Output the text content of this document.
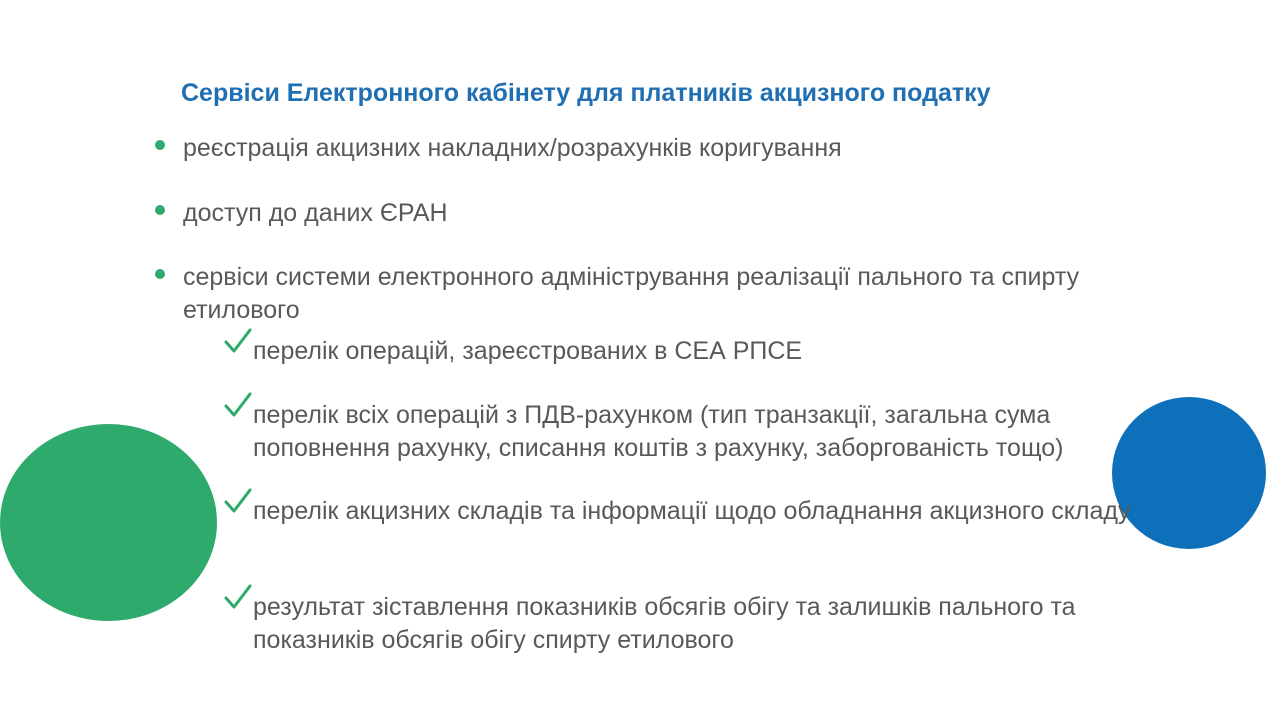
Сервіси Електронного кабінету для платників акцизного податку
реєстрація акцизних накладних/розрахунків коригування
доступ до даних ЄРАН
сервіси системи електронного адміністрування реалізації пального та спирту етилового
перелік операцій, зареєстрованих в СЕА РПСЕ
перелік всіх операцій з ПДВ-рахунком (тип транзакції, загальна сума поповнення рахунку, списання коштів з рахунку, заборгованість тощо)
перелік акцизних складів та інформації щодо обладнання акцизного складу
результат зіставлення показників обсягів обігу та залишків пального та показників обсягів обігу спирту етилового
